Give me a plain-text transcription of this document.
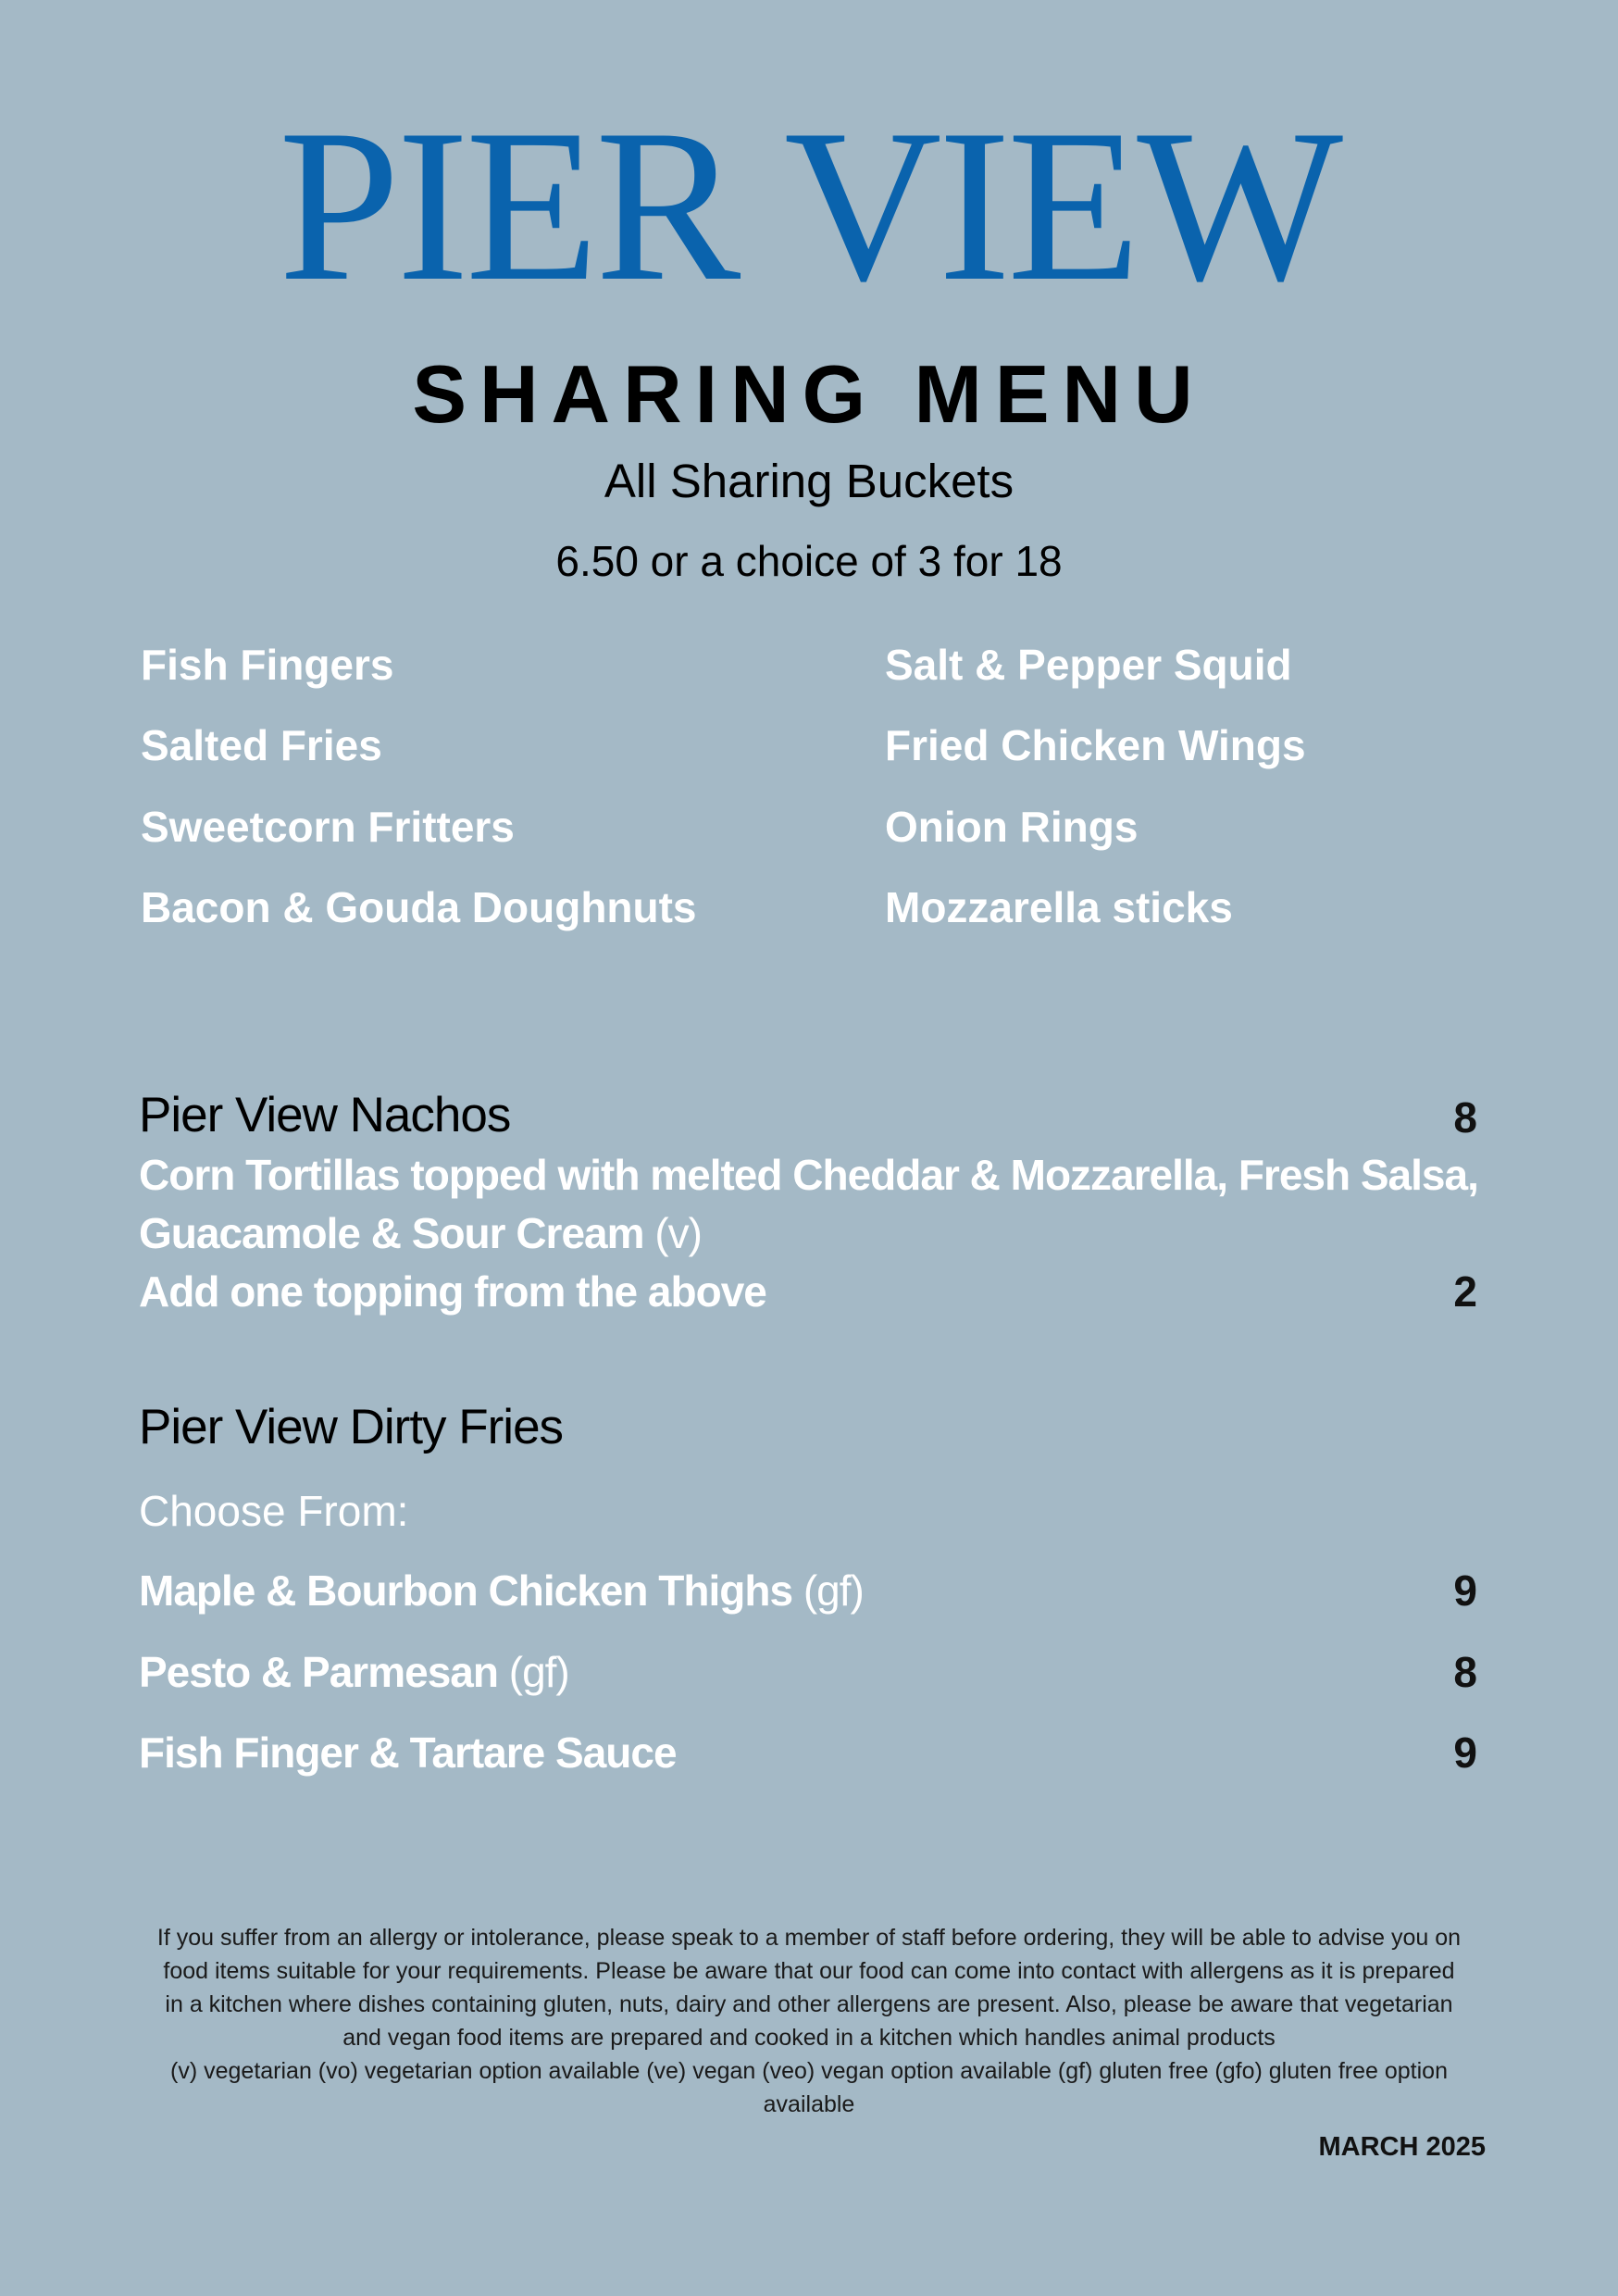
PIER VIEW
SHARING MENU
All Sharing Buckets
6.50 or a choice of 3 for 18
Fish Fingers
Salted Fries
Sweetcorn Fritters
Bacon & Gouda Doughnuts
Salt & Pepper Squid
Fried Chicken Wings
Onion Rings
Mozzarella sticks
Pier View Nachos	8
Corn Tortillas topped with melted Cheddar & Mozzarella, Fresh Salsa,
Guacamole & Sour Cream (v)
Add one topping from the above	2
Pier View Dirty Fries
Choose From:
Maple & Bourbon Chicken Thighs (gf)	9
Pesto & Parmesan (gf)	8
Fish Finger & Tartare Sauce	9
If you suffer from an allergy or intolerance, please speak to a member of staff before ordering, they will be able to advise you on
food items suitable for your requirements. Please be aware that our food can come into contact with allergens as it is prepared
in a kitchen where dishes containing gluten, nuts, dairy and other allergens are present. Also, please be aware that vegetarian
and vegan food items are prepared and cooked in a kitchen which handles animal products
(v) vegetarian (vo) vegetarian option available (ve) vegan (veo) vegan option available (gf) gluten free (gfo) gluten free option
available
MARCH 2025
